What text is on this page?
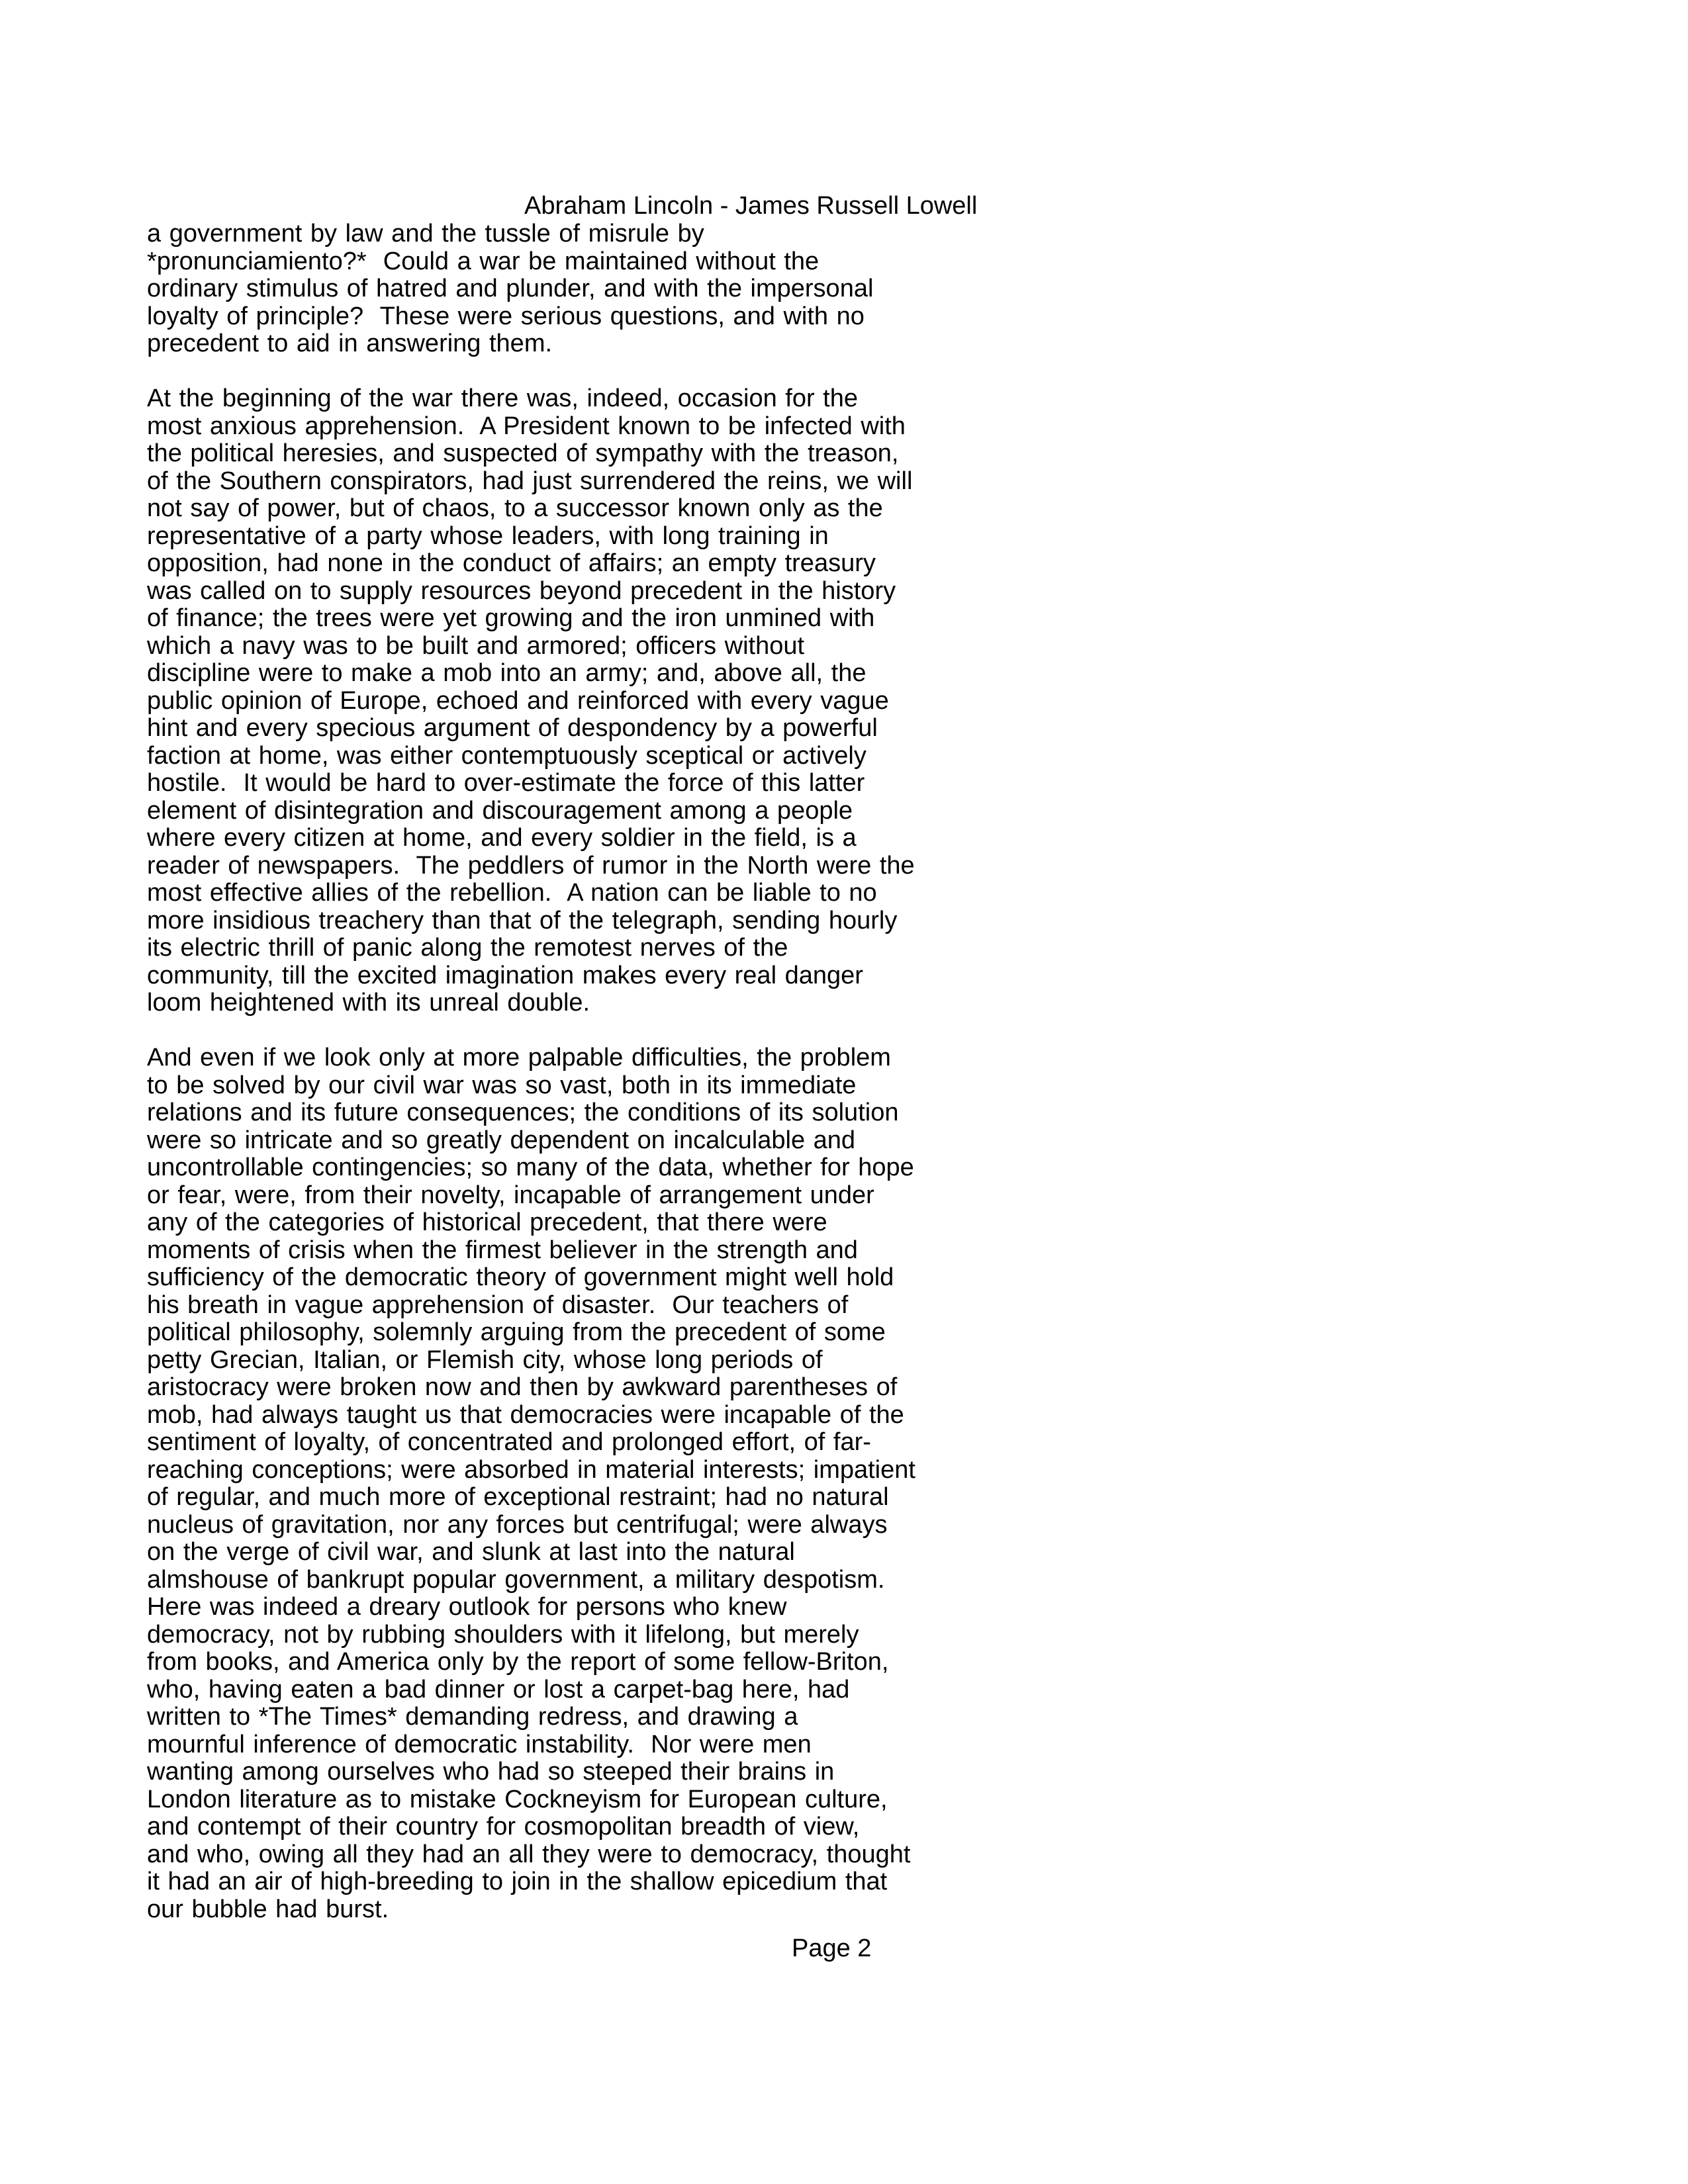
Abraham Lincoln - James Russell Lowell
a government by law and the tussle of misrule by
*pronunciamiento?*  Could a war be maintained without the
ordinary stimulus of hatred and plunder, and with the impersonal
loyalty of principle?  These were serious questions, and with no
precedent to aid in answering them.
At the beginning of the war there was, indeed, occasion for the
most anxious apprehension.  A President known to be infected with
the political heresies, and suspected of sympathy with the treason,
of the Southern conspirators, had just surrendered the reins, we will
not say of power, but of chaos, to a successor known only as the
representative of a party whose leaders, with long training in
opposition, had none in the conduct of affairs; an empty treasury
was called on to supply resources beyond precedent in the history
of finance; the trees were yet growing and the iron unmined with
which a navy was to be built and armored; officers without
discipline were to make a mob into an army; and, above all, the
public opinion of Europe, echoed and reinforced with every vague
hint and every specious argument of despondency by a powerful
faction at home, was either contemptuously sceptical or actively
hostile.  It would be hard to over-estimate the force of this latter
element of disintegration and discouragement among a people
where every citizen at home, and every soldier in the field, is a
reader of newspapers.  The peddlers of rumor in the North were the
most effective allies of the rebellion.  A nation can be liable to no
more insidious treachery than that of the telegraph, sending hourly
its electric thrill of panic along the remotest nerves of the
community, till the excited imagination makes every real danger
loom heightened with its unreal double.
And even if we look only at more palpable difficulties, the problem
to be solved by our civil war was so vast, both in its immediate
relations and its future consequences; the conditions of its solution
were so intricate and so greatly dependent on incalculable and
uncontrollable contingencies; so many of the data, whether for hope
or fear, were, from their novelty, incapable of arrangement under
any of the categories of historical precedent, that there were
moments of crisis when the firmest believer in the strength and
sufficiency of the democratic theory of government might well hold
his breath in vague apprehension of disaster.  Our teachers of
political philosophy, solemnly arguing from the precedent of some
petty Grecian, Italian, or Flemish city, whose long periods of
aristocracy were broken now and then by awkward parentheses of
mob, had always taught us that democracies were incapable of the
sentiment of loyalty, of concentrated and prolonged effort, of far-
reaching conceptions; were absorbed in material interests; impatient
of regular, and much more of exceptional restraint; had no natural
nucleus of gravitation, nor any forces but centrifugal; were always
on the verge of civil war, and slunk at last into the natural
almshouse of bankrupt popular government, a military despotism.
Here was indeed a dreary outlook for persons who knew
democracy, not by rubbing shoulders with it lifelong, but merely
from books, and America only by the report of some fellow-Briton,
who, having eaten a bad dinner or lost a carpet-bag here, had
written to *The Times* demanding redress, and drawing a
mournful inference of democratic instability.  Nor were men
wanting among ourselves who had so steeped their brains in
London literature as to mistake Cockneyism for European culture,
and contempt of their country for cosmopolitan breadth of view,
and who, owing all they had an all they were to democracy, thought
it had an air of high-breeding to join in the shallow epicedium that
our bubble had burst.
Page 2
